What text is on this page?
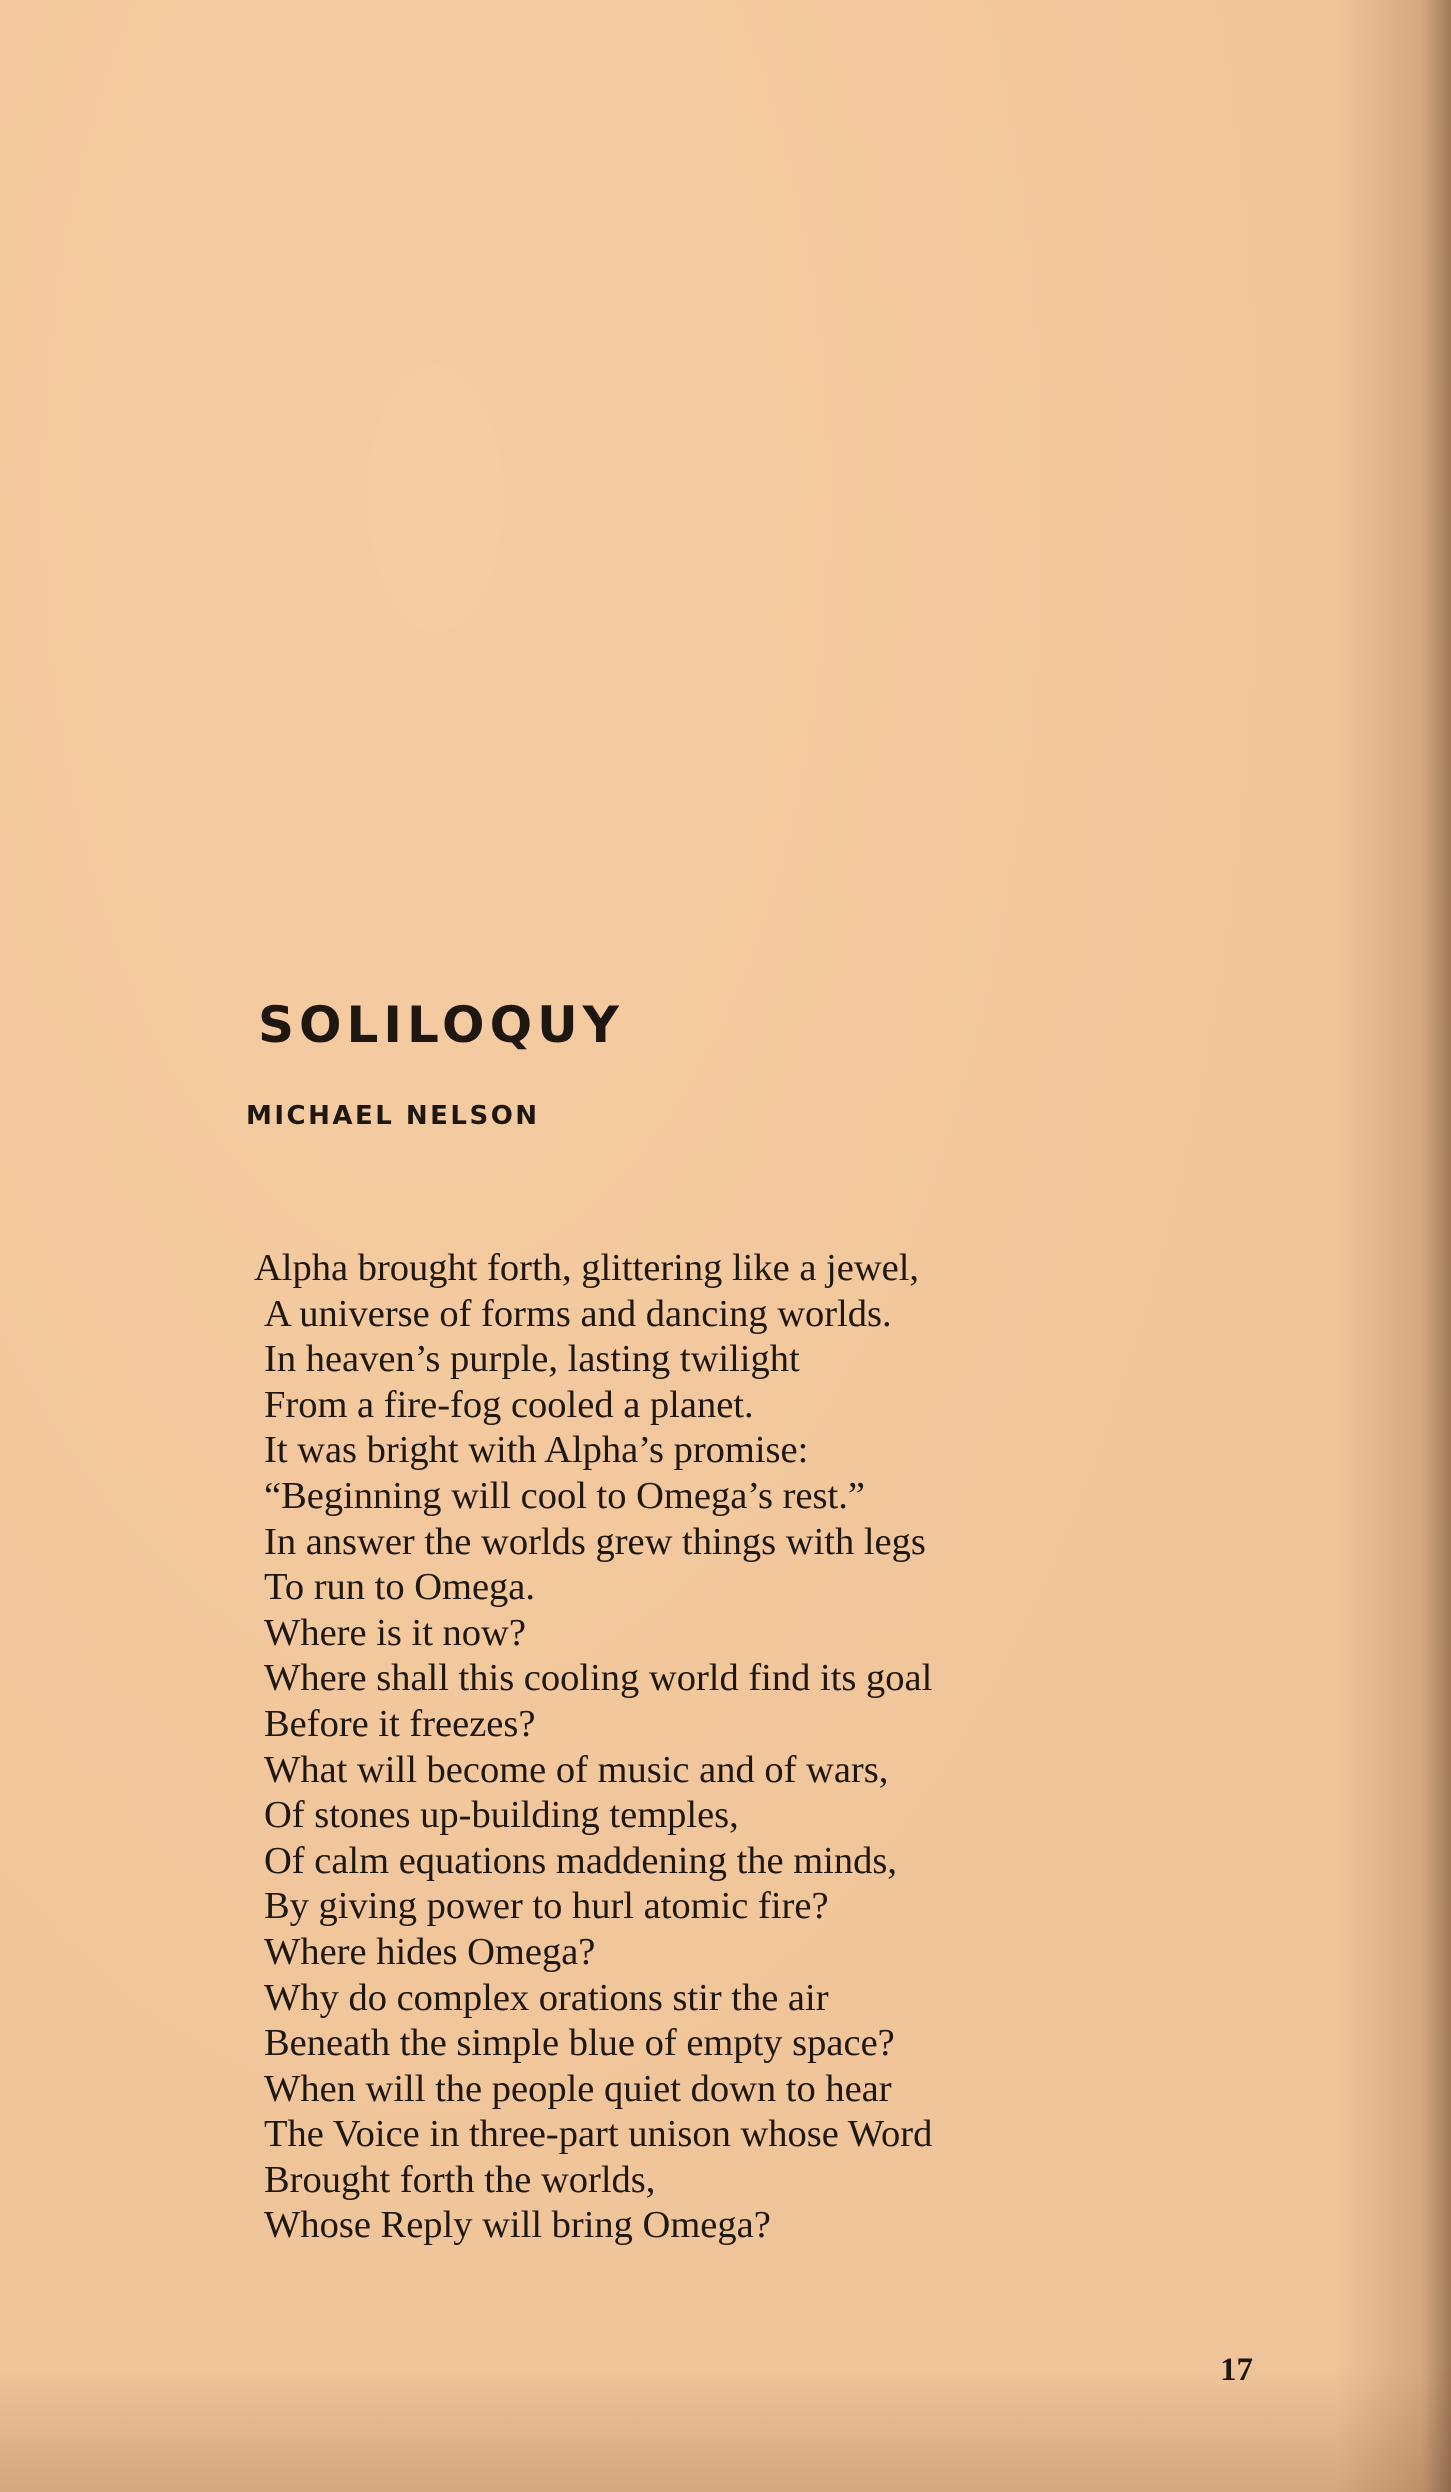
SOLILOQUY

MICHAEL NELSON

Alpha brought forth, glittering like a jewel,
A universe of forms and dancing worlds.
In heaven’s purple, lasting twilight
From a fire-fog cooled a planet.
It was bright with Alpha’s promise:
“Beginning will cool to Omega’s rest.”
In answer the worlds grew things with legs
To run to Omega.
Where is it now?
Where shall this cooling world find its goal
Before it freezes?
What will become of music and of wars,
Of stones up-building temples,
Of calm equations maddening the minds,
By giving power to hurl atomic fire?
Where hides Omega?
Why do complex orations stir the air
Beneath the simple blue of empty space?
When will the people quiet down to hear
The Voice in three-part unison whose Word
Brought forth the worlds,
Whose Reply will bring Omega?
17
